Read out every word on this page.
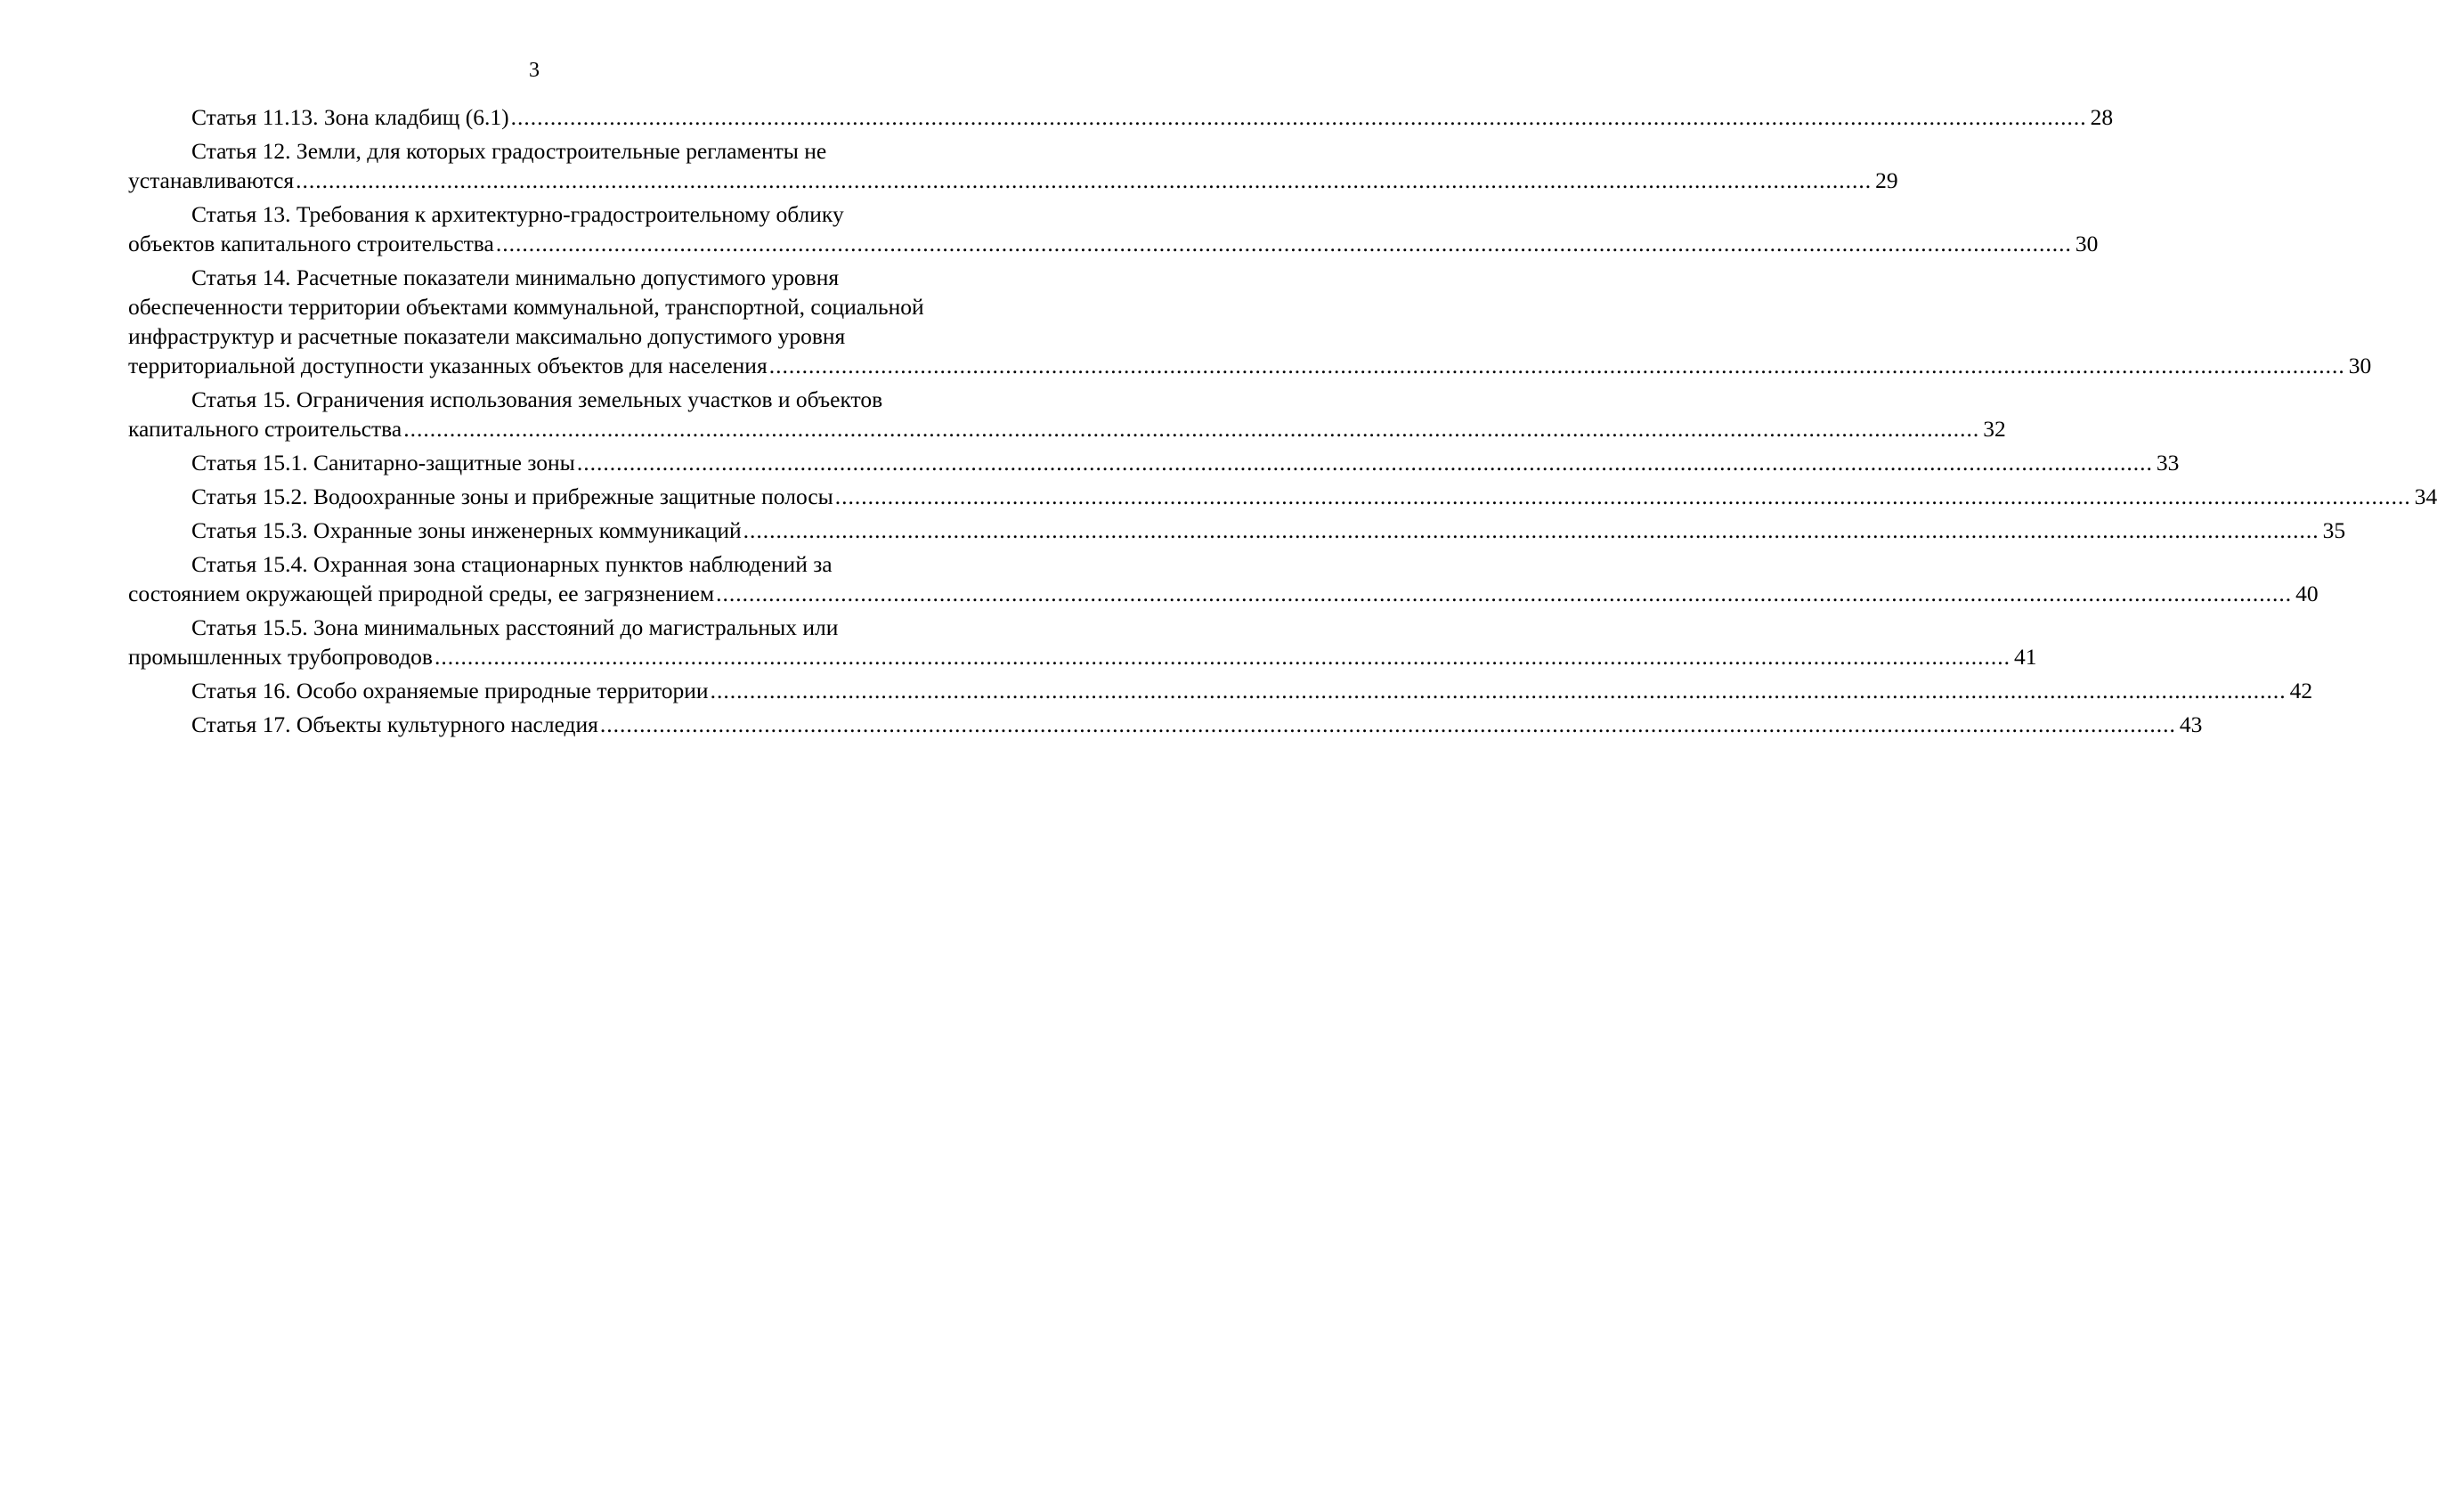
3
Статья 11.13. Зона кладбищ (6.1) ................................................................................................................................................................................................................................................ 28
Статья 12. Земли, для которых градостроительные регламенты не
устанавливаются ................................................................................................................................................................................................................................................ 29
Статья 13. Требования к архитектурно-градостроительному облику
объектов капитального строительства ................................................................................................................................................................................................................................................ 30
Статья 14. Расчетные показатели минимально допустимого уровня
обеспеченности территории объектами коммунальной, транспортной, социальной
инфраструктур и расчетные показатели максимально допустимого уровня
территориальной доступности указанных объектов для населения ................................................................................................................................................................................................................................................ 30
Статья 15. Ограничения использования земельных участков и объектов
капитального строительства ................................................................................................................................................................................................................................................ 32
Статья 15.1. Санитарно-защитные зоны ................................................................................................................................................................................................................................................ 33
Статья 15.2. Водоохранные зоны и прибрежные защитные полосы ................................................................................................................................................................................................................................................ 34
Статья 15.3. Охранные зоны инженерных коммуникаций ................................................................................................................................................................................................................................................ 35
Статья 15.4. Охранная зона стационарных пунктов наблюдений за
состоянием окружающей природной среды, ее загрязнением ................................................................................................................................................................................................................................................ 40
Статья 15.5. Зона минимальных расстояний до магистральных или
промышленных трубопроводов ................................................................................................................................................................................................................................................ 41
Статья 16. Особо охраняемые природные территории ................................................................................................................................................................................................................................................ 42
Статья 17. Объекты культурного наследия ................................................................................................................................................................................................................................................ 43
